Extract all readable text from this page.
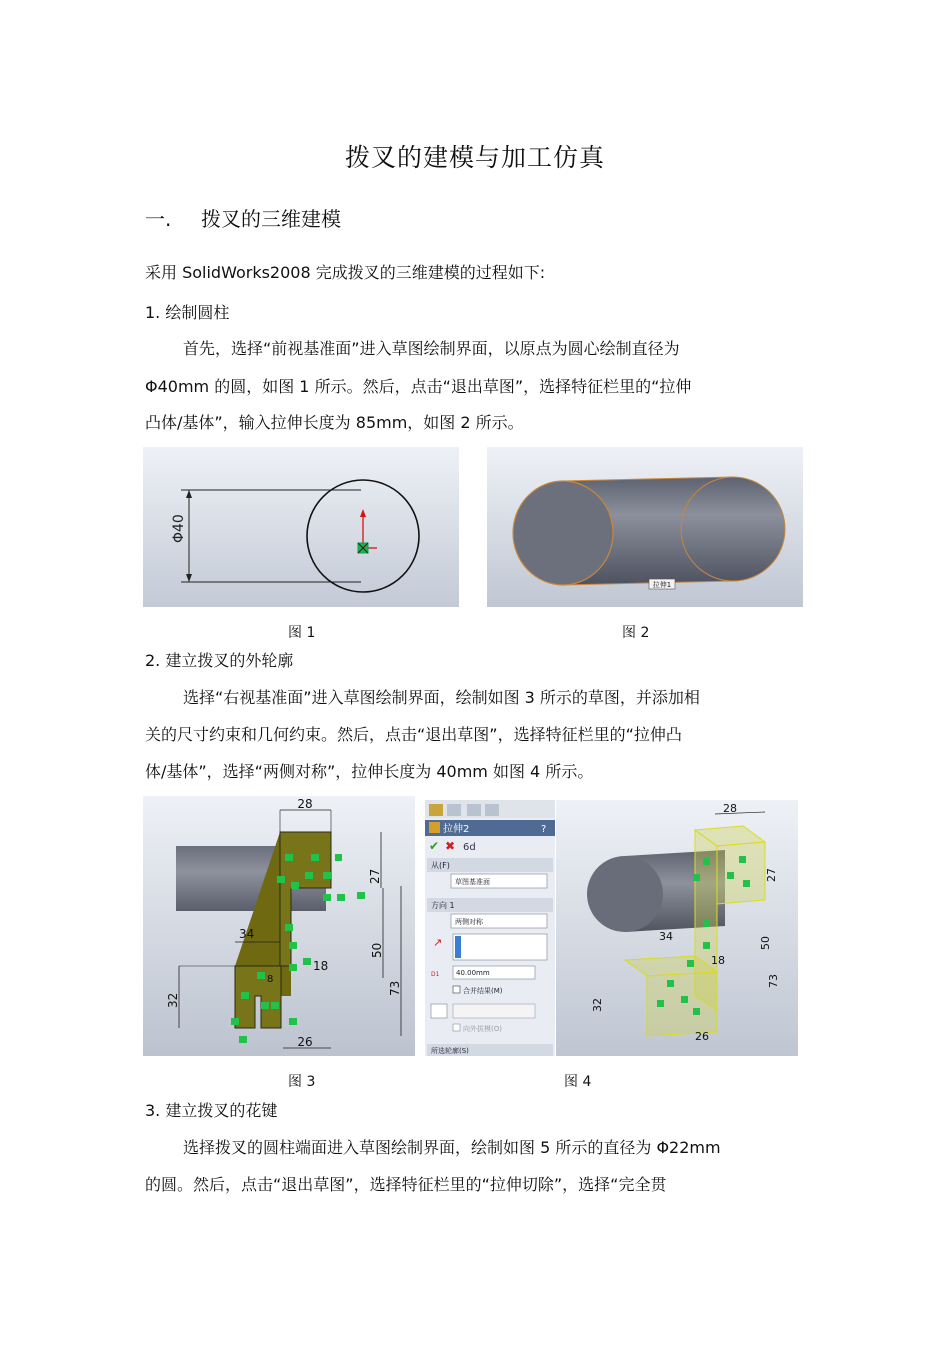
拨叉的建模与加工仿真
一. 拨叉的三维建模
采用 SolidWorks2008 完成拨叉的三维建模的过程如下:
1. 绘制圆柱
首先，选择“前视基准面”进入草图绘制界面，以原点为圆心绘制直径为
Φ40mm 的圆，如图 1 所示。然后，点击“退出草图”，选择特征栏里的“拉伸
凸体/基体”，输入拉伸长度为 85mm，如图 2 所示。
Φ40
拉伸1
图 1	图 2
2. 建立拨叉的外轮廓
选择“右视基准面”进入草图绘制界面，绘制如图 3 所示的草图，并添加相
关的尺寸约束和几何约束。然后，点击“退出草图”，选择特征栏里的“拉伸凸
体/基体”，选择“两侧对称”，拉伸长度为 40mm 如图 4 所示。
28
27
50
73
34
18
8
32
26
拉伸2	?
✔ ✖ 6d
从(F)
草图基准面
方向 1
两侧对称
↗
D1 40.00mm
合并结果(M)
向外拔模(O)
所选轮廓(S)
28
27
50
73
34
18
32
26
图 3	图 4
3. 建立拨叉的花键
选择拨叉的圆柱端面进入草图绘制界面，绘制如图 5 所示的直径为 Φ22mm
的圆。然后，点击“退出草图”，选择特征栏里的“拉伸切除”，选择“完全贯
